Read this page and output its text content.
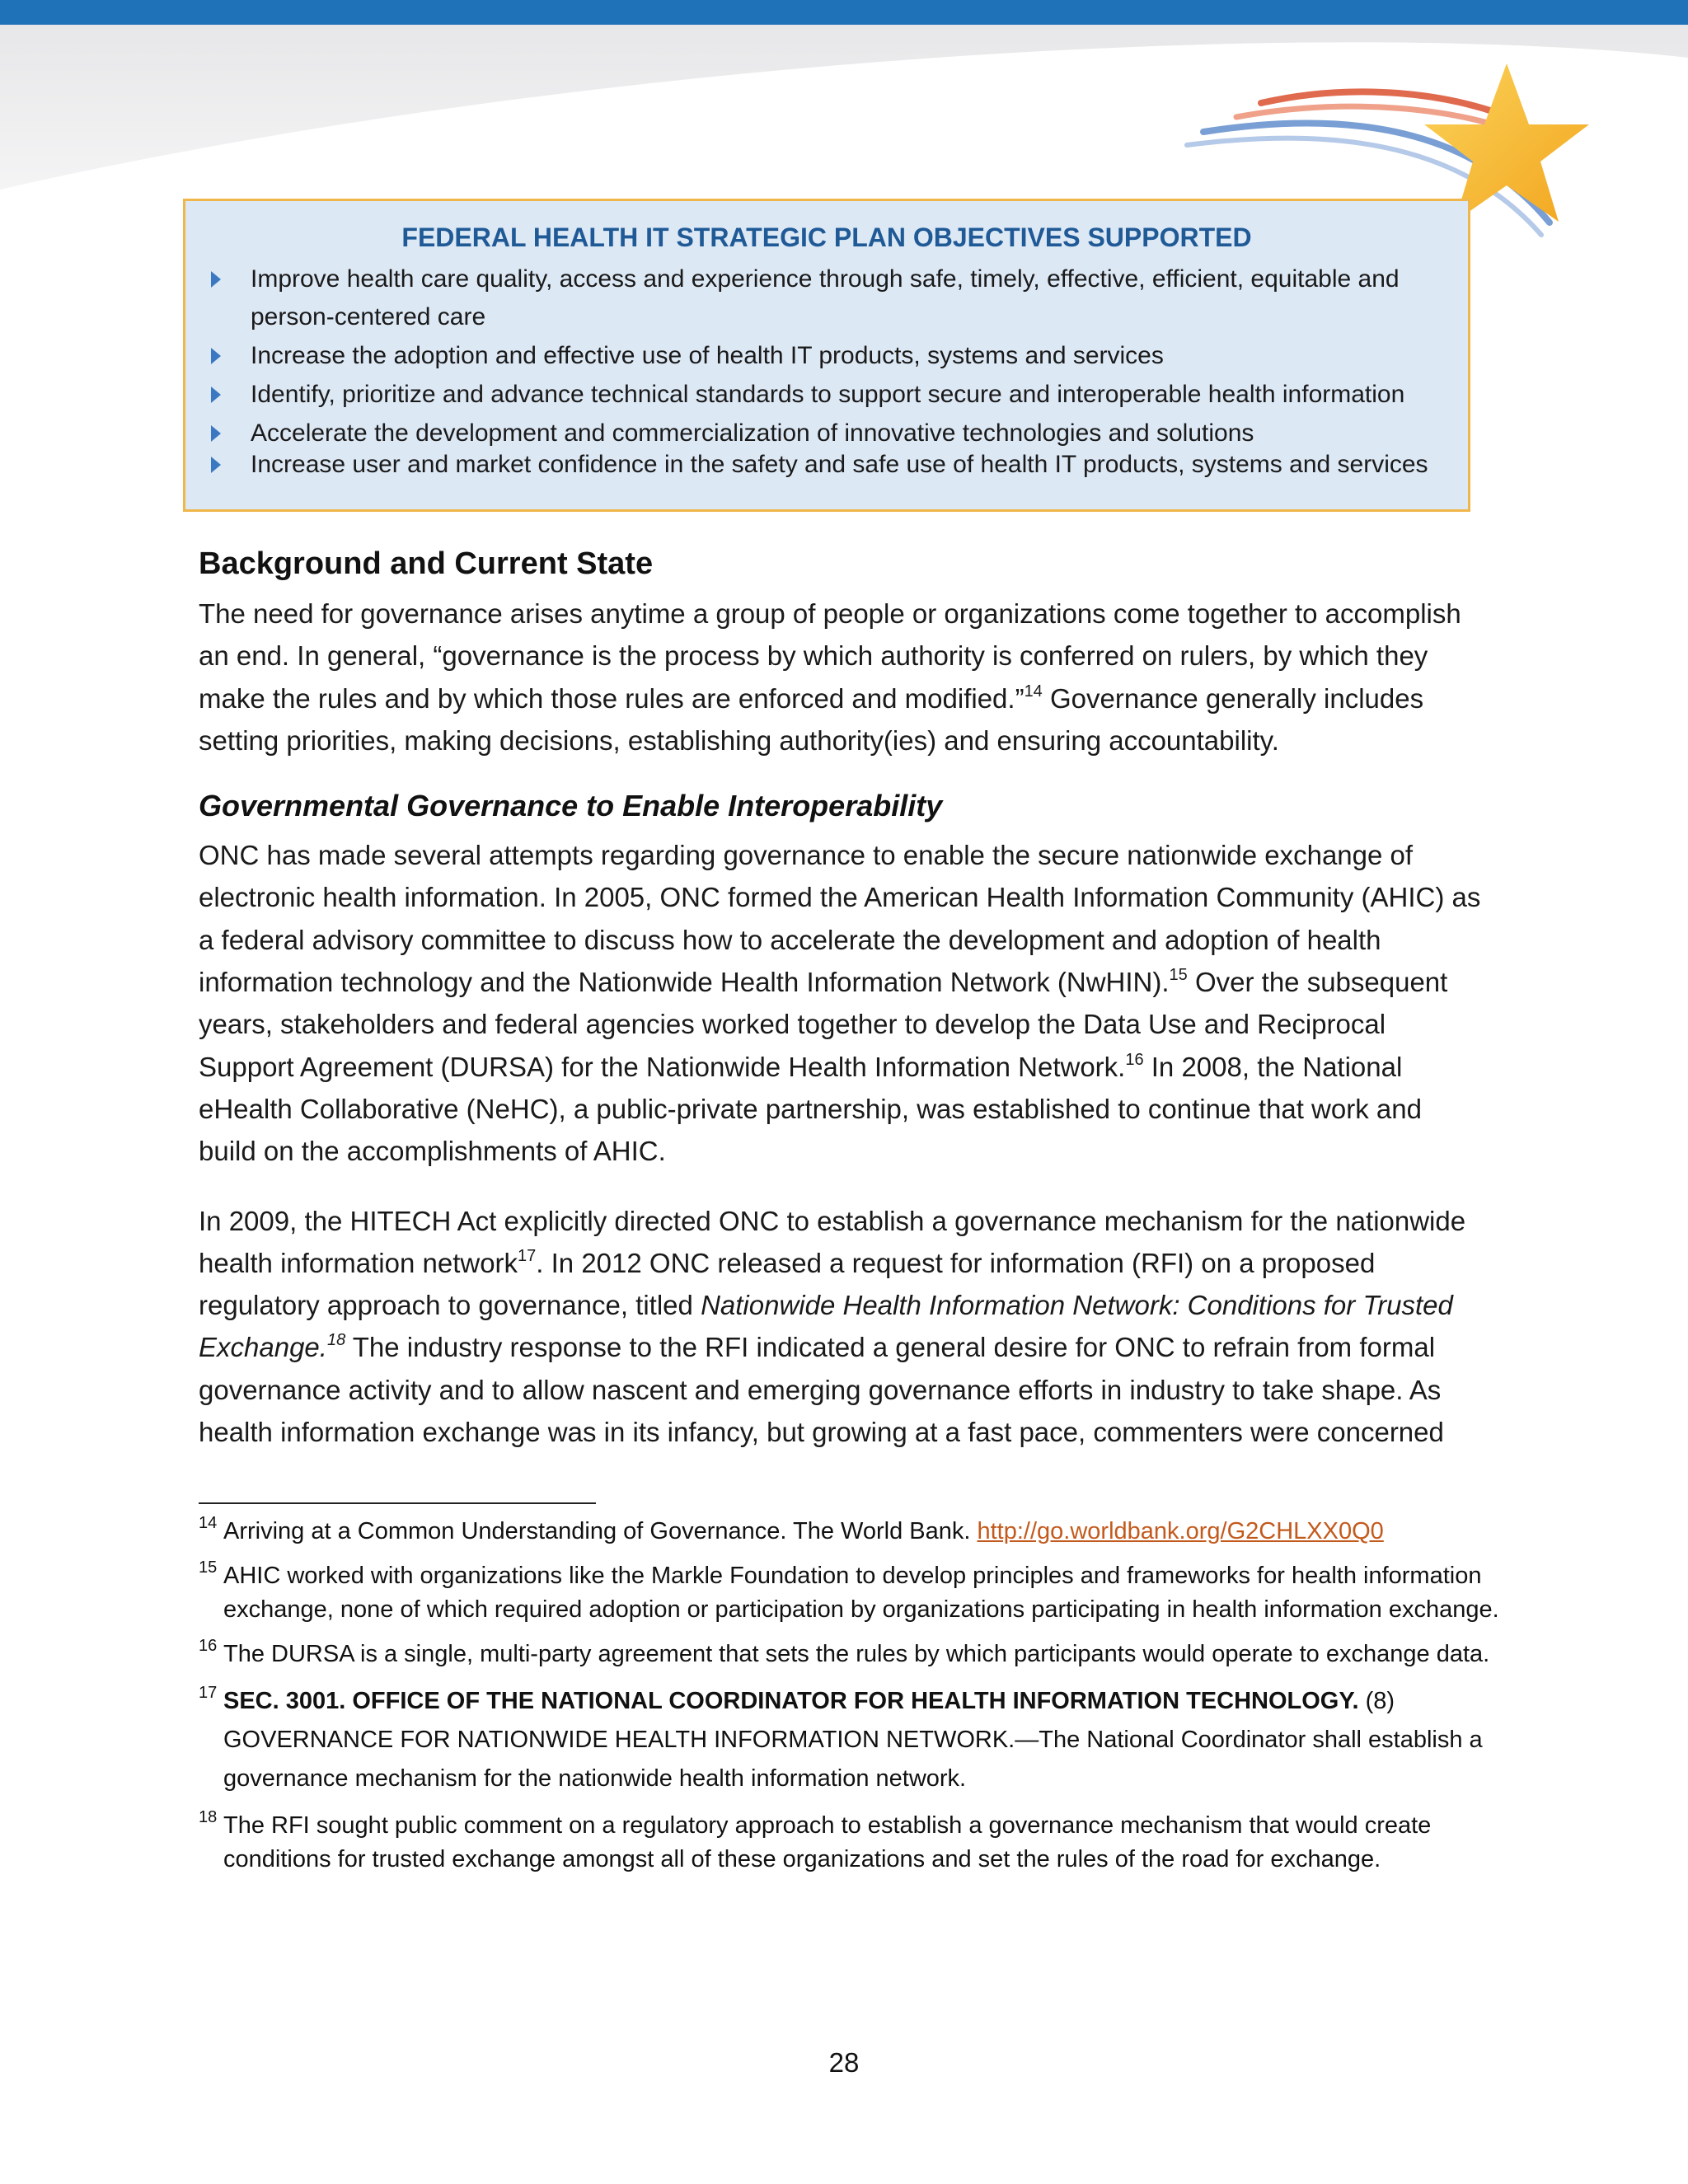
FEDERAL HEALTH IT STRATEGIC PLAN OBJECTIVES SUPPORTED
Improve health care quality, access and experience through safe, timely, effective, efficient, equitable and person-centered care
Increase the adoption and effective use of health IT products, systems and services
Identify, prioritize and advance technical standards to support secure and interoperable health information
Accelerate the development and commercialization of innovative technologies and solutions
Increase user and market confidence in the safety and safe use of health IT products, systems and services
Background and Current State

The need for governance arises anytime a group of people or organizations come together to accomplish an end. In general, “governance is the process by which authority is conferred on rulers, by which they make the rules and by which those rules are enforced and modified.”$^{14}$ Governance generally includes setting priorities, making decisions, establishing authority(ies) and ensuring accountability.

Governmental Governance to Enable Interoperability

ONC has made several attempts regarding governance to enable the secure nationwide exchange of electronic health information. In 2005, ONC formed the American Health Information Community (AHIC) as a federal advisory committee to discuss how to accelerate the development and adoption of health information technology and the Nationwide Health Information Network (NwHIN).$^{15}$ Over the subsequent years, stakeholders and federal agencies worked together to develop the Data Use and Reciprocal Support Agreement (DURSA) for the Nationwide Health Information Network.$^{16}$ In 2008, the National eHealth Collaborative (NeHC), a public-private partnership, was established to continue that work and build on the accomplishments of AHIC.

In 2009, the HITECH Act explicitly directed ONC to establish a governance mechanism for the nationwide health information network$^{17}$. In 2012 ONC released a request for information (RFI) on a proposed regulatory approach to governance, titled Nationwide Health Information Network: Conditions for Trusted Exchange.$^{18}$ The industry response to the RFI indicated a general desire for ONC to refrain from formal governance activity and to allow nascent and emerging governance efforts in industry to take shape. As health information exchange was in its infancy, but growing at a fast pace, commenters were concerned

14 Arriving at a Common Understanding of Governance. The World Bank. http://go.worldbank.org/G2CHLXX0Q0
15 AHIC worked with organizations like the Markle Foundation to develop principles and frameworks for health information exchange, none of which required adoption or participation by organizations participating in health information exchange.
16 The DURSA is a single, multi-party agreement that sets the rules by which participants would operate to exchange data.
17 SEC. 3001. OFFICE OF THE NATIONAL COORDINATOR FOR HEALTH INFORMATION TECHNOLOGY. (8) GOVERNANCE FOR NATIONWIDE HEALTH INFORMATION NETWORK.—The National Coordinator shall establish a governance mechanism for the nationwide health information network.
18 The RFI sought public comment on a regulatory approach to establish a governance mechanism that would create conditions for trusted exchange amongst all of these organizations and set the rules of the road for exchange.
28
